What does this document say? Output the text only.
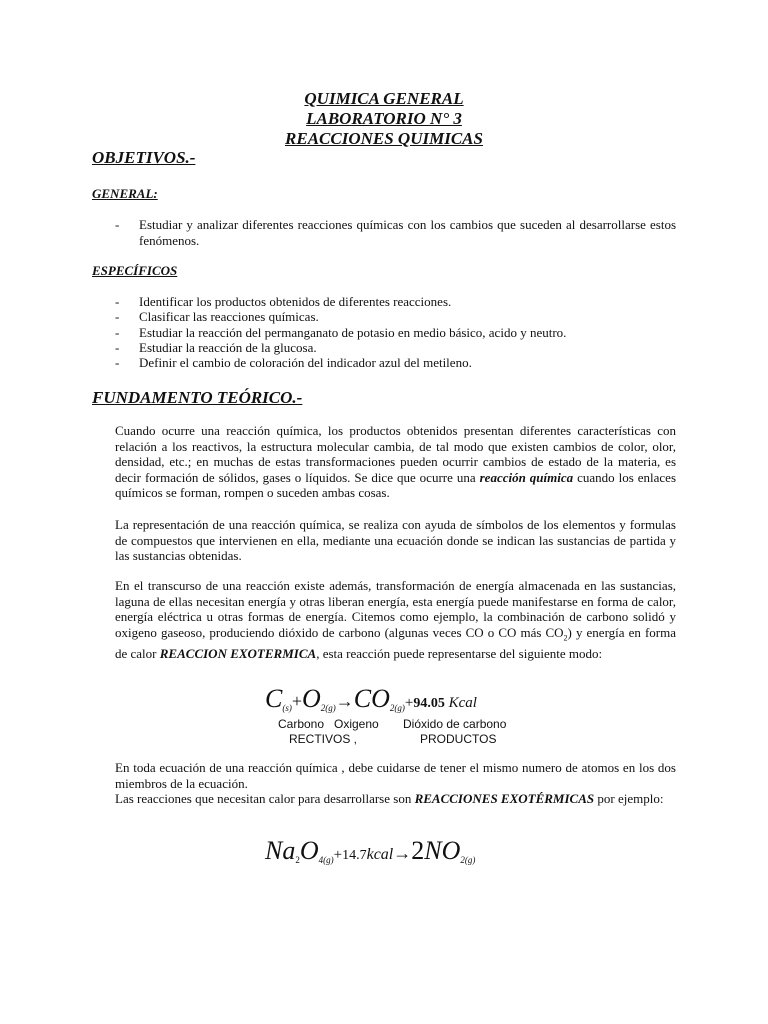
QUIMICA GENERAL
LABORATORIO N° 3
REACCIONES QUIMICAS
OBJETIVOS.-
GENERAL:
- Estudiar y analizar diferentes reacciones químicas con los cambios que suceden al desarrollarse estos fenómenos.
ESPECÍFICOS
- Identificar los productos obtenidos de diferentes reacciones.
- Clasificar las reacciones químicas.
- Estudiar la reacción del permanganato de potasio en medio básico, acido y neutro.
- Estudiar la reacción de la glucosa.
- Definir el cambio de coloración del indicador azul del metileno.
FUNDAMENTO TEÓRICO.-

Cuando ocurre una reacción química, los productos obtenidos presentan diferentes características con relación a los reactivos, la estructura molecular cambia, de tal modo que existen cambios de color, olor, densidad, etc.; en muchas de estas transformaciones pueden ocurrir cambios de estado de la materia, es decir formación de sólidos, gases o líquidos. Se dice que ocurre una reacción química cuando los enlaces químicos se forman, rompen o suceden ambas cosas.

La representación de una reacción química, se realiza con ayuda de símbolos de los elementos y formulas de compuestos que intervienen en ella, mediante una ecuación donde se indican las sustancias de partida y las sustancias obtenidas.

En el transcurso de una reacción existe además, transformación de energía almacenada en las sustancias, laguna de ellas necesitan energía y otras liberan energía, esta energía puede manifestarse en forma de calor, energía eléctrica u otras formas de energía. Citemos como ejemplo, la combinación de carbono solidó y oxigeno gaseoso, produciendo dióxido de carbono (algunas veces CO o CO más $CO_2$) y energía en forma de calor REACCION EXOTERMICA, esta reacción puede representarse del siguiente modo:

$C_{(s)}+O_{2(g)}\to CO_{2(g)}+94.05$ Kcal
Carbono Oxigeno Dióxido de carbono
RECTIVOS ,	PRODUCTOS

En toda ecuación de una reacción química , debe cuidarse de tener el mismo numero de atomos en los dos miembros de la ecuación.

Las reacciones que necesitan calor para desarrollarse son REACCIONES EXOTÉRMICAS por ejemplo:

$Na_2O_{4(g)}+14.7kcal\to 2NO_{2(g)}$
